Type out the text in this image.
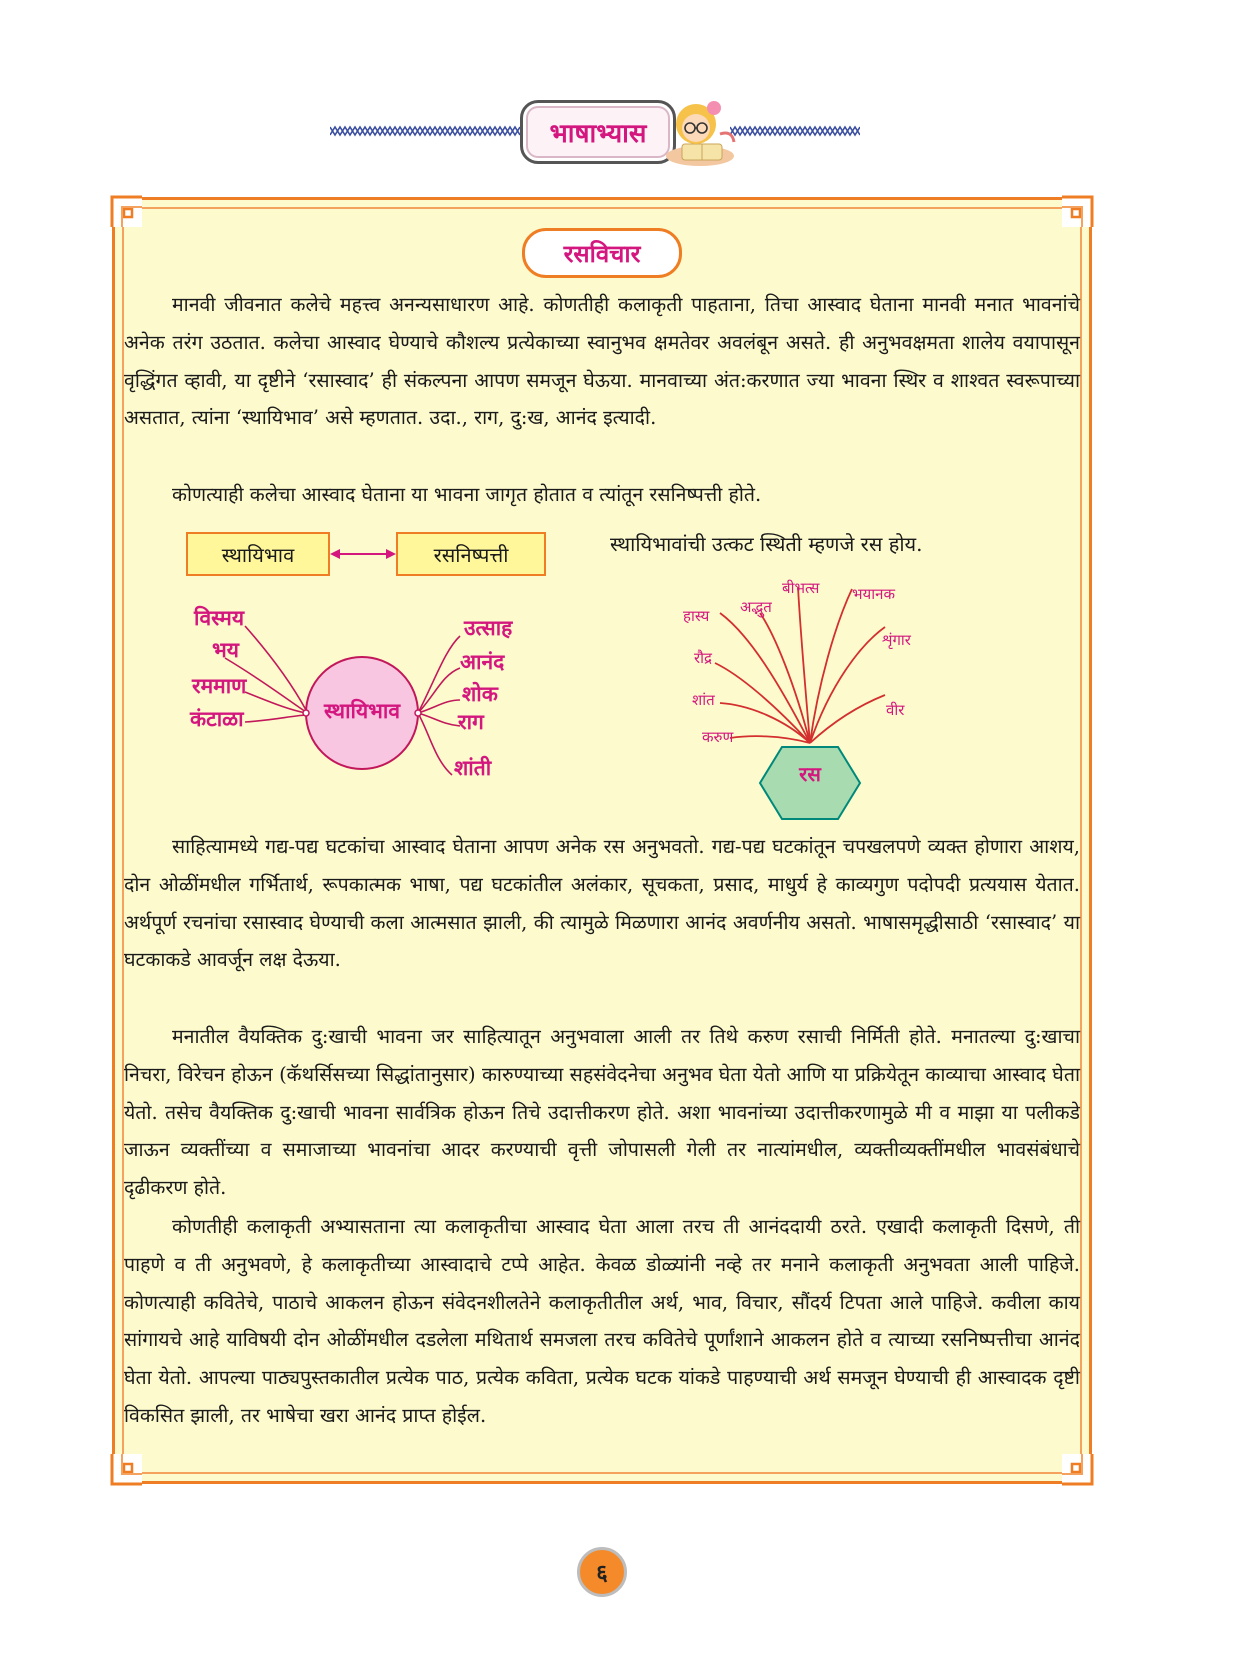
भाषाभ्यास
रसविचार

मानवी जीवनात कलेचे महत्त्व अनन्यसाधारण आहे. कोणतीही कलाकृती पाहताना, तिचा आस्वाद घेताना मानवी मनात भावनांचे अनेक तरंग उठतात. कलेचा आस्वाद घेण्याचे कौशल्य प्रत्येकाच्या स्वानुभव क्षमतेवर अवलंबून असते. ही अनुभवक्षमता शालेय वयापासून वृद्धिंगत व्हावी, या दृष्टीने ‘रसास्वाद’ ही संकल्पना आपण समजून घेऊया. मानवाच्या अंत:करणात ज्या भावना स्थिर व शाश्वत स्वरूपाच्या असतात, त्यांना ‘स्थायिभाव’ असे म्हणतात. उदा., राग, दु:ख, आनंद इत्यादी.

कोणत्याही कलेचा आस्वाद घेताना या भावना जागृत होतात व त्यांतून रसनिष्पत्ती होते.

स्थायिभाव	रसनिष्पत्ती
स्थायिभाव
विस्मय
भय
रममाण
कंटाळा
उत्साह
आनंद
शोक
राग
शांती
स्थायिभावांची उत्कट स्थिती म्हणजे रस होय.
रस
हास्य अद्भुत
बीभत्स भयानक
शृंगार
रौद्र
शांत
वीर
करुण

साहित्यामध्ये गद्य-पद्य घटकांचा आस्वाद घेताना आपण अनेक रस अनुभवतो. गद्य-पद्य घटकांतून चपखलपणे व्यक्त होणारा आशय, दोन ओळींमधील गर्भितार्थ, रूपकात्मक भाषा, पद्य घटकांतील अलंकार, सूचकता, प्रसाद, माधुर्य हे काव्यगुण पदोपदी प्रत्ययास येतात. अर्थपूर्ण रचनांचा रसास्वाद घेण्याची कला आत्मसात झाली, की त्यामुळे मिळणारा आनंद अवर्णनीय असतो. भाषासमृद्धीसाठी ‘रसास्वाद’ या घटकाकडे आवर्जून लक्ष देऊया.

मनातील वैयक्तिक दु:खाची भावना जर साहित्यातून अनुभवाला आली तर तिथे करुण रसाची निर्मिती होते. मनातल्या दु:खाचा निचरा, विरेचन होऊन (कॅथर्सिसच्या सिद्धांतानुसार) कारुण्याच्या सहसंवेदनेचा अनुभव घेता येतो आणि या प्रक्रियेतून काव्याचा आस्वाद घेता येतो. तसेच वैयक्तिक दु:खाची भावना सार्वत्रिक होऊन तिचे उदात्तीकरण होते. अशा भावनांच्या उदात्तीकरणामुळे मी व माझा या पलीकडे जाऊन व्यक्तींच्या व समाजाच्या भावनांचा आदर करण्याची वृत्ती जोपासली गेली तर नात्यांमधील, व्यक्तीव्यक्तींमधील भावसंबंधाचे दृढीकरण होते.

कोणतीही कलाकृती अभ्यासताना त्या कलाकृतीचा आस्वाद घेता आला तरच ती आनंददायी ठरते. एखादी कलाकृती दिसणे, ती पाहणे व ती अनुभवणे, हे कलाकृतीच्या आस्वादाचे टप्पे आहेत. केवळ डोळ्यांनी नव्हे तर मनाने कलाकृती अनुभवता आली पाहिजे. कोणत्याही कवितेचे, पाठाचे आकलन होऊन संवेदनशीलतेने कलाकृतीतील अर्थ, भाव, विचार, सौंदर्य टिपता आले पाहिजे. कवीला काय सांगायचे आहे याविषयी दोन ओळींमधील दडलेला मथितार्थ समजला तरच कवितेचे पूर्णांशाने आकलन होते व त्याच्या रसनिष्पत्तीचा आनंद घेता येतो. आपल्या पाठ्यपुस्तकातील प्रत्येक पाठ, प्रत्येक कविता, प्रत्येक घटक यांकडे पाहण्याची अर्थ समजून घेण्याची ही आस्वादक दृष्टी विकसित झाली, तर भाषेचा खरा आनंद प्राप्त होईल.

६
